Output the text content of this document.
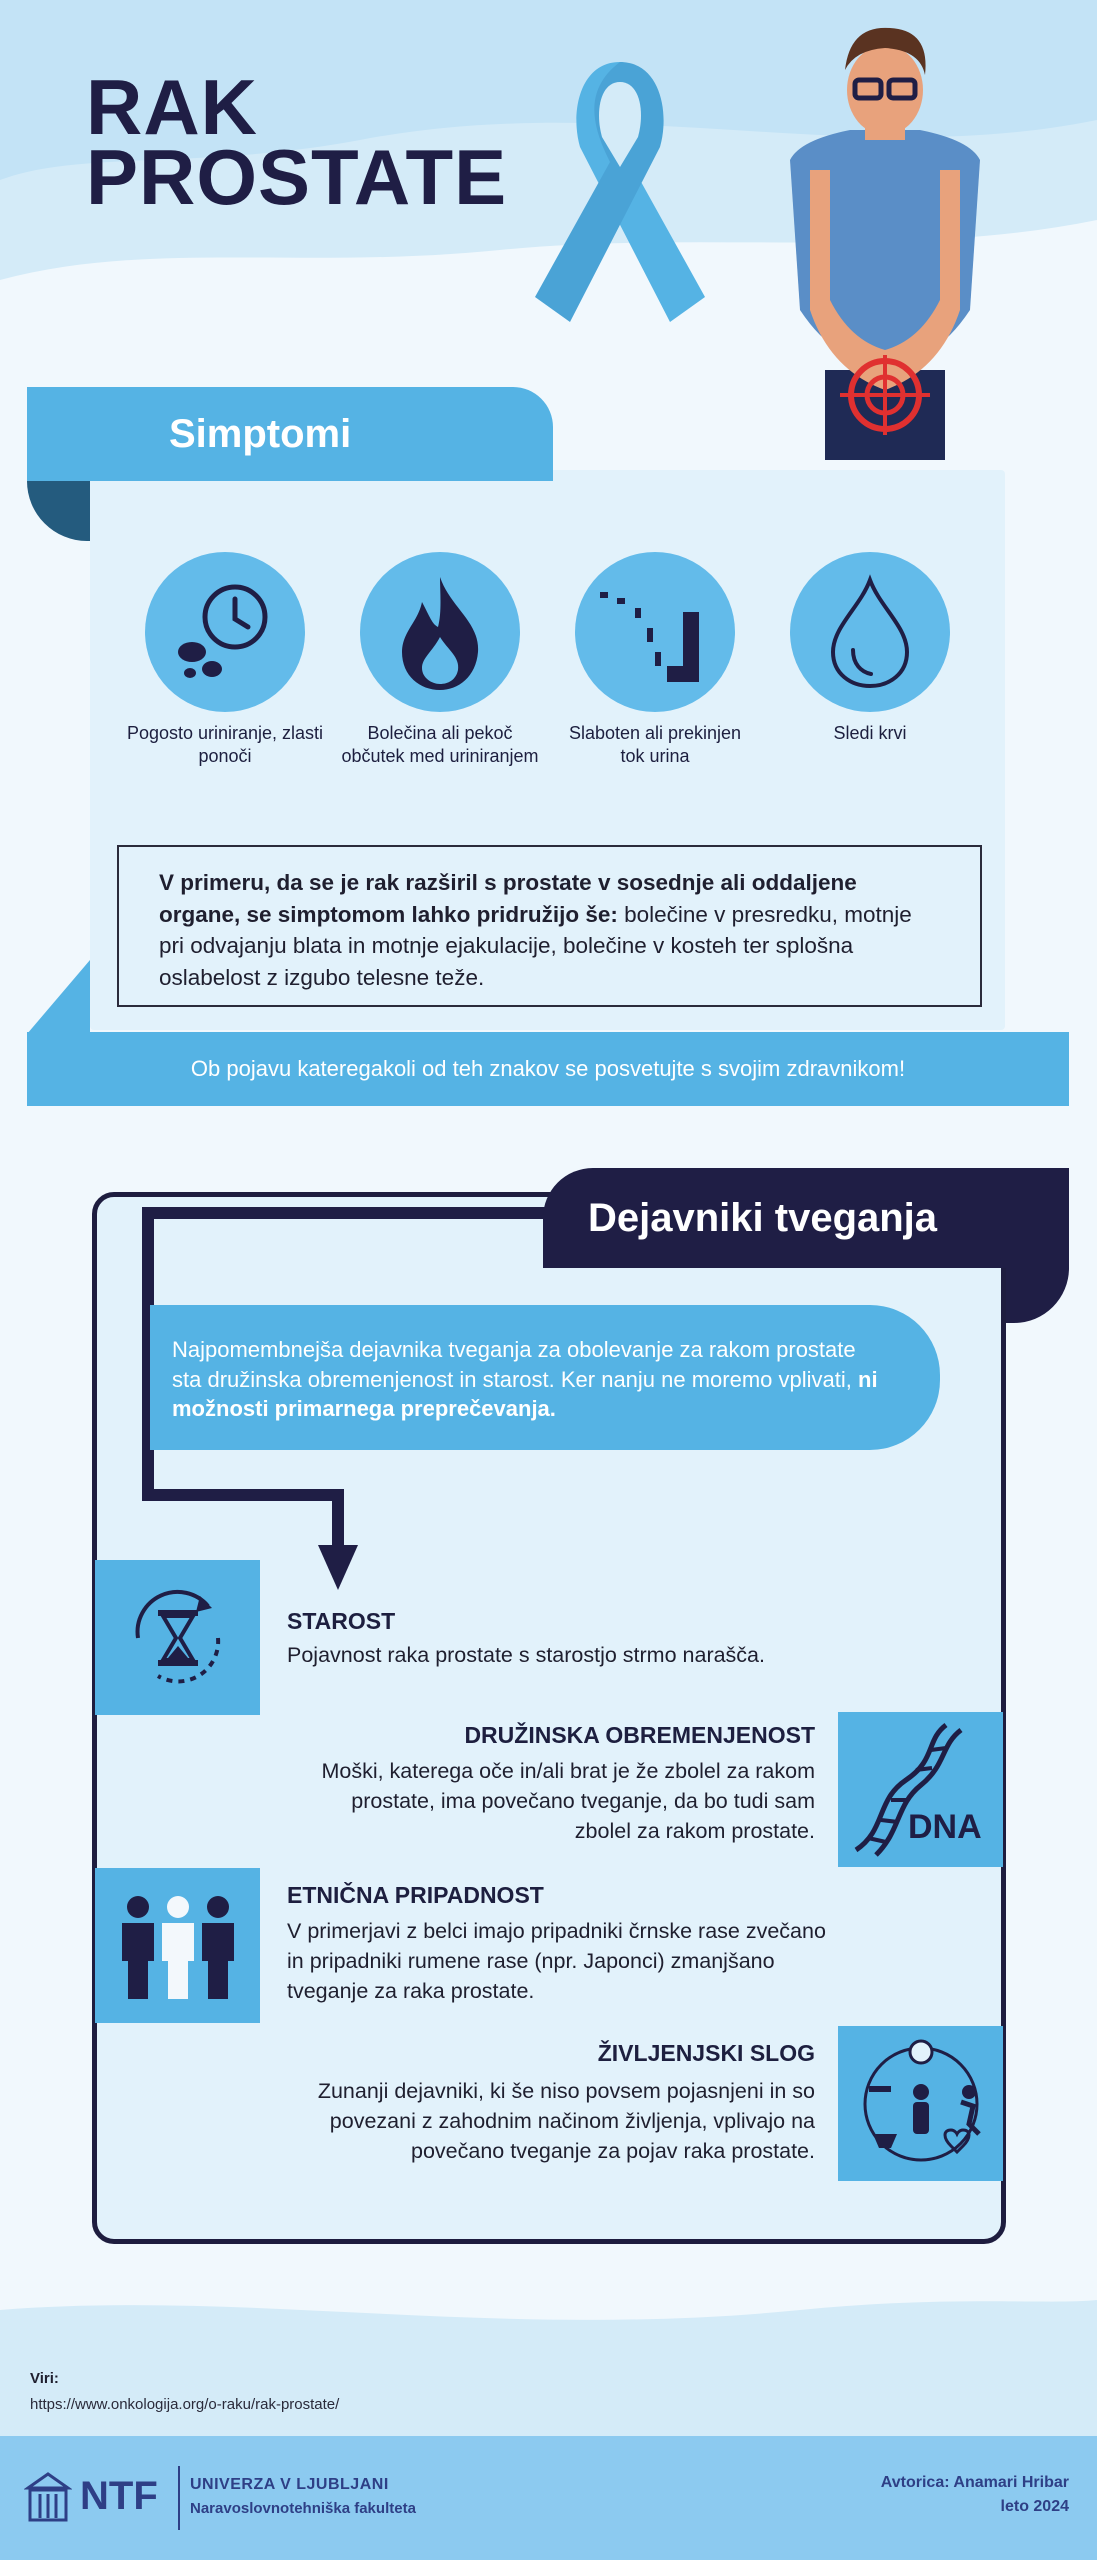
RAK
PROSTATE
Simptomi
Pogosto uriniranje, zlasti ponoči
Bolečina ali pekoč občutek med uriniranjem
Slaboten ali prekinjen tok urina
Sledi krvi
V primeru, da se je rak razširil s prostate v sosednje ali oddaljene organe, se simptomom lahko pridružijo še: bolečine v presredku, motnje pri odvajanju blata in motnje ejakulacije, bolečine v kosteh ter splošna oslabelost z izgubo telesne teže.
Ob pojavu kateregakoli od teh znakov se posvetujte s svojim zdravnikom!
Dejavniki tveganja
Najpomembnejša dejavnika tveganja za obolevanje za rakom prostate sta družinska obremenjenost in starost. Ker nanju ne moremo vplivati, ni možnosti primarnega preprečevanja.
STAROST
Pojavnost raka prostate s starostjo strmo narašča.
DNA
DRUŽINSKA OBREMENJENOST
Moški, katerega oče in/ali brat je že zbolel za rakom prostate, ima povečano tveganje, da bo tudi sam zbolel za rakom prostate.
ETNIČNA PRIPADNOST
V primerjavi z belci imajo pripadniki črnske rase zvečano in pripadniki rumene rase (npr. Japonci) zmanjšano tveganje za raka prostate.
ŽIVLJENJSKI SLOG
Zunanji dejavniki, ki še niso povsem pojasnjeni in so povezani z zahodnim načinom življenja, vplivajo na povečano tveganje za pojav raka prostate.
Viri:
https://www.onkologija.org/o-raku/rak-prostate/
NTF UNIVERZA V LJUBLJANI
Naravoslovnotehniška fakulteta
Avtorica: Anamari Hribar
leto 2024
